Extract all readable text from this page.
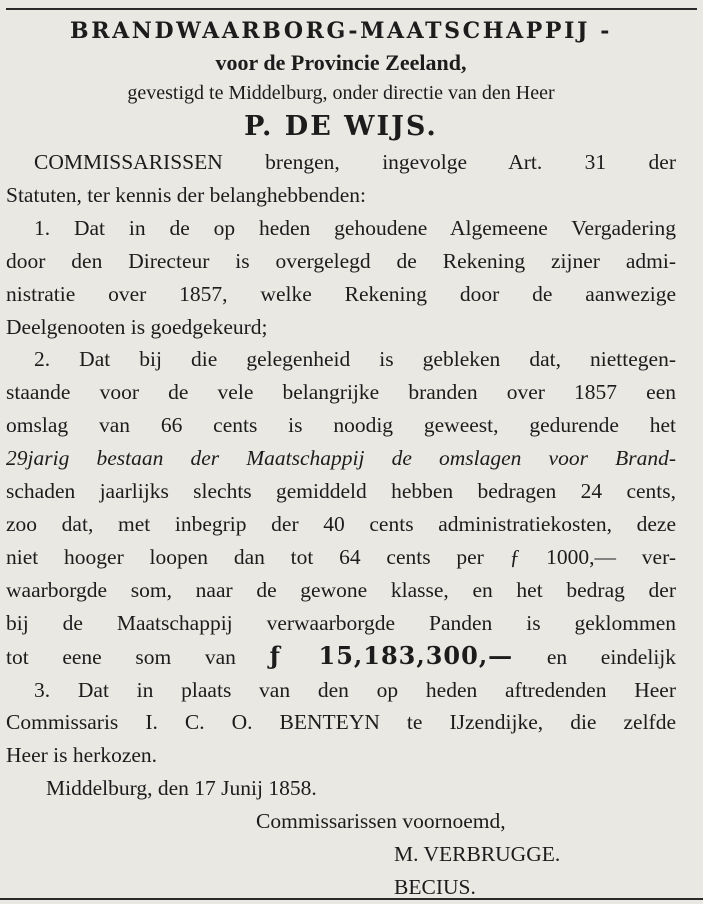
BRANDWAARBORG-MAATSCHAPPIJ -
voor de Provincie Zeeland,
gevestigd te Middelburg, onder directie van den Heer
P. DE WIJS.
COMMISSARISSEN brengen, ingevolge Art. 31 der
Statuten, ter kennis der belanghebbenden:
1. Dat in de op heden gehoudene Algemeene Vergadering
door den Directeur is overgelegd de Rekening zijner admi-
nistratie over 1857, welke Rekening door de aanwezige
Deelgenooten is goedgekeurd;
2. Dat bij die gelegenheid is gebleken dat, niettegen-
staande voor de vele belangrijke branden over 1857 een
omslag van 66 cents is noodig geweest, gedurende het
29jarig bestaan der Maatschappij de omslagen voor Brand-
schaden jaarlijks slechts gemiddeld hebben bedragen 24 cents,
zoo dat, met inbegrip der 40 cents administratiekosten, deze
niet hooger loopen dan tot 64 cents per ƒ 1000,— ver-
waarborgde som, naar de gewone klasse, en het bedrag der
bij de Maatschappij verwaarborgde Panden is geklommen
tot eene som van ƒ 15,183,300,— en eindelijk
3. Dat in plaats van den op heden aftredenden Heer
Commissaris I. C. O. BENTEYN te IJzendijke, die zelfde
Heer is herkozen.
Middelburg, den 17 Junij 1858.
Commissarissen voornoemd,
M. VERBRUGGE.
BECIUS.
